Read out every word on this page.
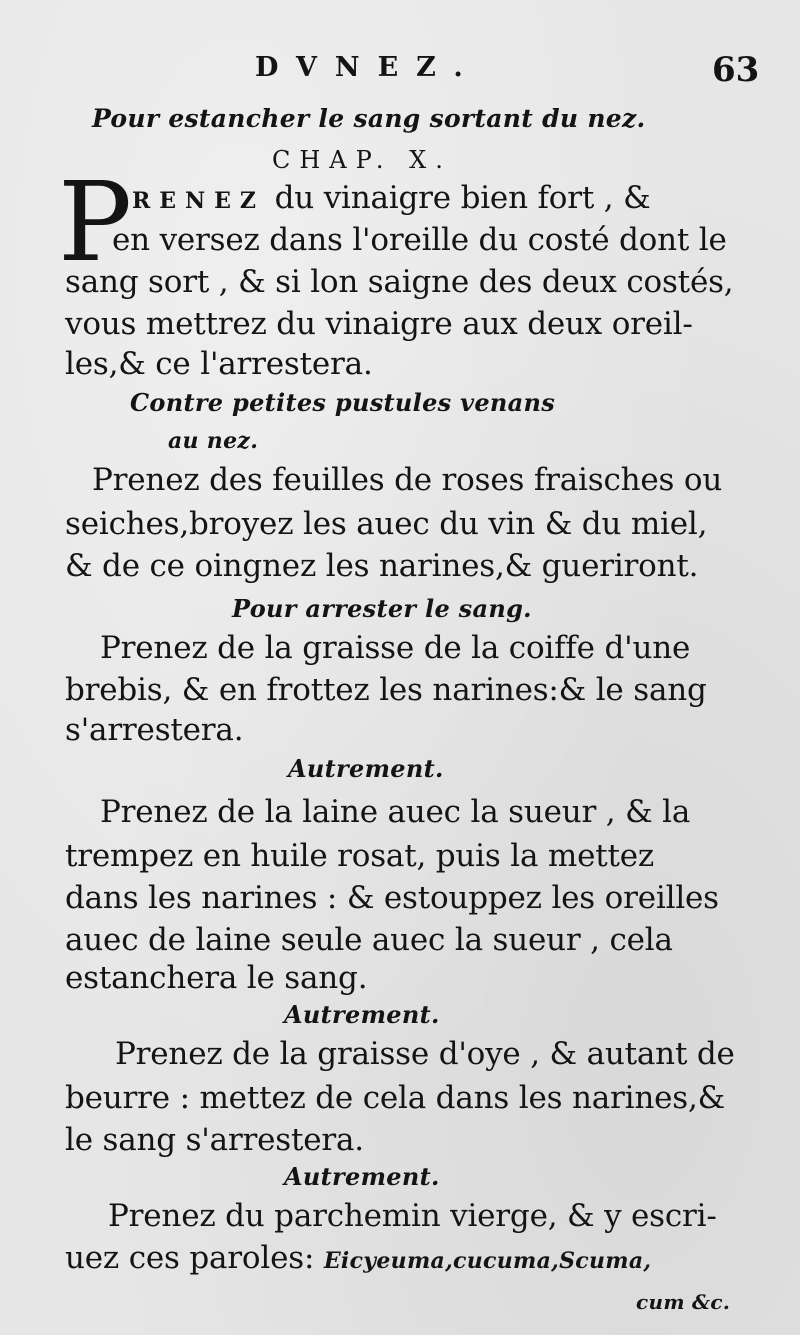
DVNEZ.	63
Pour estancher le sang sortant du nez.
CHAP. X.
P RENEZ du vinaigre bien fort , &
en versez dans l'oreille du costé dont le
sang sort , & si lon saigne des deux costés,
vous mettrez du vinaigre aux deux oreil-
les,& ce l'arrestera.
Contre petites pustules venans
au nez.
Prenez des feuilles de roses fraisches ou
seiches,broyez les auec du vin & du miel,
& de ce oingnez les narines,& gueriront.
Pour arrester le sang.
Prenez de la graisse de la coiffe d'une
brebis, & en frottez les narines:& le sang
s'arrestera.
Autrement.
Prenez de la laine auec la sueur , & la
trempez en huile rosat, puis la mettez
dans les narines : & estouppez les oreilles
auec de laine seule auec la sueur , cela
estanchera le sang.
Autrement.
Prenez de la graisse d'oye , & autant de
beurre : mettez de cela dans les narines,&
le sang s'arrestera.
Autrement.
Prenez du parchemin vierge, & y escri-
uez ces paroles: Eicyeuma,cucuma,Scuma,
cum &c.
